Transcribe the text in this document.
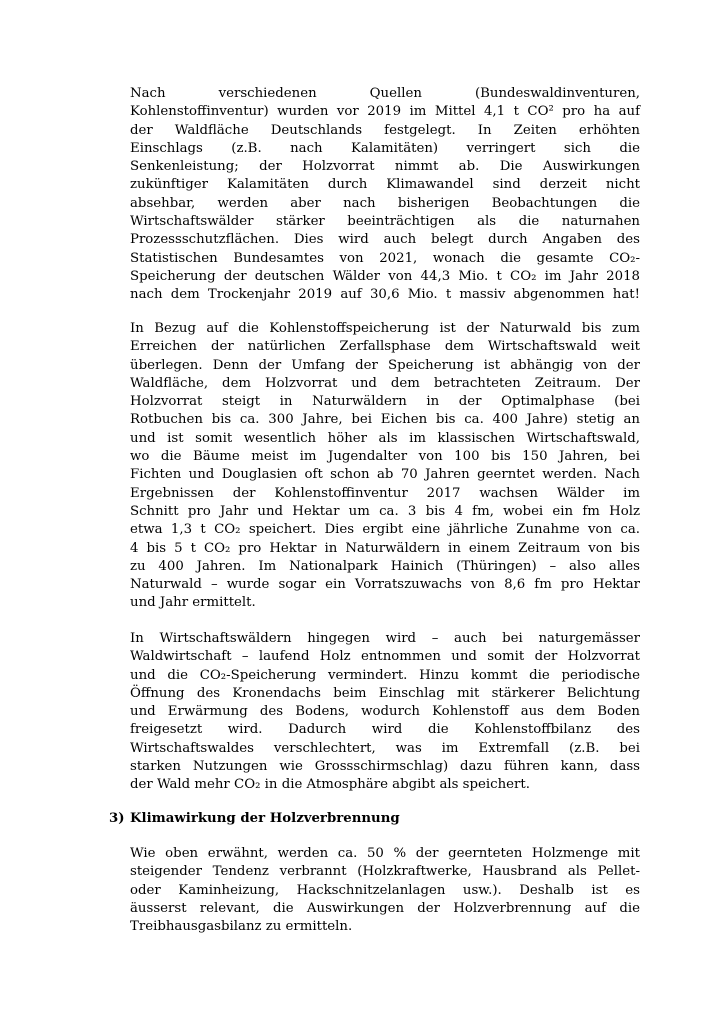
Nach verschiedenen Quellen (Bundeswaldinventuren,
Kohlenstoffinventur) wurden vor 2019 im Mittel 4,1 t CO² pro ha auf
der Waldfläche Deutschlands festgelegt. In Zeiten erhöhten
Einschlags (z.B. nach Kalamitäten) verringert sich die
Senkenleistung; der Holzvorrat nimmt ab. Die Auswirkungen
zukünftiger Kalamitäten durch Klimawandel sind derzeit nicht
absehbar, werden aber nach bisherigen Beobachtungen die
Wirtschaftswälder stärker beeinträchtigen als die naturnahen
Prozessschutzflächen. Dies wird auch belegt durch Angaben des
Statistischen Bundesamtes von 2021, wonach die gesamte CO₂-
Speicherung der deutschen Wälder von 44,3 Mio. t CO₂ im Jahr 2018
nach dem Trockenjahr 2019 auf 30,6 Mio. t massiv abgenommen hat!
In Bezug auf die Kohlenstoffspeicherung ist der Naturwald bis zum
Erreichen der natürlichen Zerfallsphase dem Wirtschaftswald weit
überlegen. Denn der Umfang der Speicherung ist abhängig von der
Waldfläche, dem Holzvorrat und dem betrachteten Zeitraum. Der
Holzvorrat steigt in Naturwäldern in der Optimalphase (bei
Rotbuchen bis ca. 300 Jahre, bei Eichen bis ca. 400 Jahre) stetig an
und ist somit wesentlich höher als im klassischen Wirtschaftswald,
wo die Bäume meist im Jugendalter von 100 bis 150 Jahren, bei
Fichten und Douglasien oft schon ab 70 Jahren geerntet werden. Nach
Ergebnissen der Kohlenstoffinventur 2017 wachsen Wälder im
Schnitt pro Jahr und Hektar um ca. 3 bis 4 fm, wobei ein fm Holz
etwa 1,3 t CO₂ speichert. Dies ergibt eine jährliche Zunahme von ca.
4 bis 5 t CO₂ pro Hektar in Naturwäldern in einem Zeitraum von bis
zu 400 Jahren. Im Nationalpark Hainich (Thüringen) – also alles
Naturwald – wurde sogar ein Vorratszuwachs von 8,6 fm pro Hektar
und Jahr ermittelt.
In Wirtschaftswäldern hingegen wird – auch bei naturgemässer
Waldwirtschaft – laufend Holz entnommen und somit der Holzvorrat
und die CO₂-Speicherung vermindert. Hinzu kommt die periodische
Öffnung des Kronendachs beim Einschlag mit stärkerer Belichtung
und Erwärmung des Bodens, wodurch Kohlenstoff aus dem Boden
freigesetzt wird. Dadurch wird die Kohlenstoffbilanz des
Wirtschaftswaldes verschlechtert, was im Extremfall (z.B. bei
starken Nutzungen wie Grossschirmschlag) dazu führen kann, dass
der Wald mehr CO₂ in die Atmosphäre abgibt als speichert.
3) Klimawirkung der Holzverbrennung
Wie oben erwähnt, werden ca. 50 % der geernteten Holzmenge mit
steigender Tendenz verbrannt (Holzkraftwerke, Hausbrand als Pellet-
oder Kaminheizung, Hackschnitzelanlagen usw.). Deshalb ist es
äusserst relevant, die Auswirkungen der Holzverbrennung auf die
Treibhausgasbilanz zu ermitteln.
